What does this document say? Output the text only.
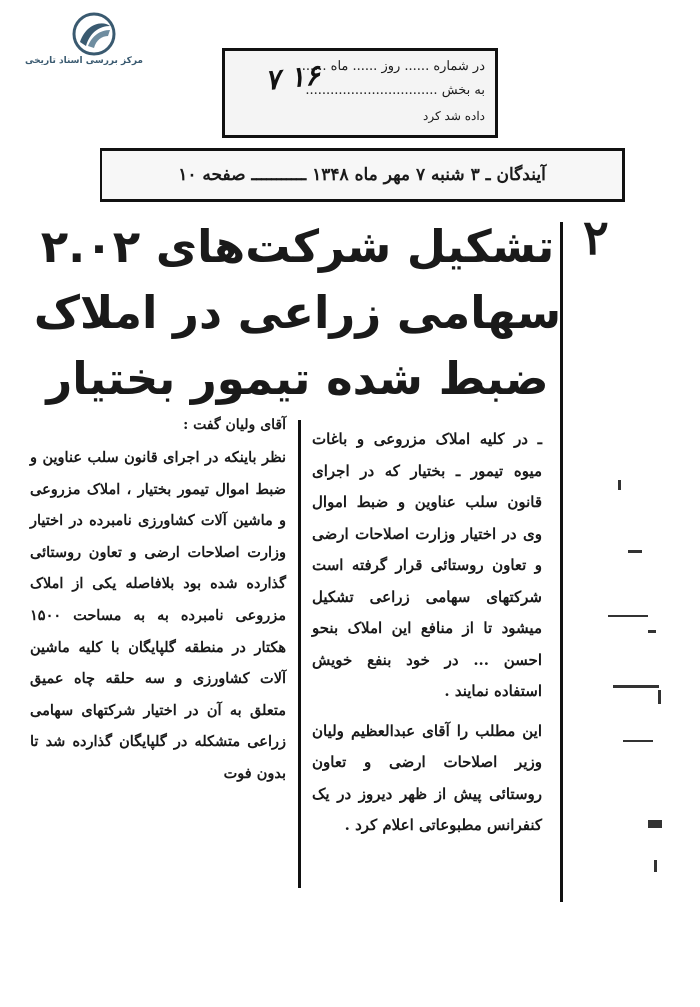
مرکز بررسی اسناد تاریخی	در شماره ...... روز ...... ماه ......
به بخش ................................
داده شد کرد
۱۶ ۷
آیندگان ـ ۳ شنبه ۷ مهر ماه ۱۳۴۸ ـــــــــــ صفحه ۱۰
۲
تشکیل شرکت‌های ۲.۰۲
سهامی زراعی در املاک
ضبط شده تیمور بختیار

ـ در کلیه املاک مزروعی و باغات میوه تیمور ـ بختیار که در اجرای قانون سلب عناوین و ضبط اموال وی در اختیار وزارت اصلاحات ارضی و تعاون روستائی قرار گرفته است شرکتهای سهامی زراعی تشکیل میشود تا از منافع این املاک بنحو احسن ... در خود بنفع خویش استفاده نمایند .

این مطلب را آقای عبدالعظیم ولیان وزیر اصلاحات ارضی و تعاون روستائی پیش از ظهر دیروز در یک کنفرانس مطبوعاتی اعلام کرد .

آقای ولیان گفت :

نظر باینکه در اجرای قانون سلب عناوین و ضبط اموال تیمور بختیار ، املاک مزروعی و ماشین آلات کشاورزی نامبرده در اختیار وزارت اصلاحات ارضی و تعاون روستائی گذارده شده بود بلافاصله یکی از املاک مزروعی نامبرده به به مساحت ۱۵۰۰ هکتار در منطقه گلپایگان با کلیه ماشین آلات کشاورزی و سه حلقه چاه عمیق متعلق به آن در اختیار شرکتهای سهامی زراعی متشکله در گلپایگان گذارده شد تا بدون فوت
